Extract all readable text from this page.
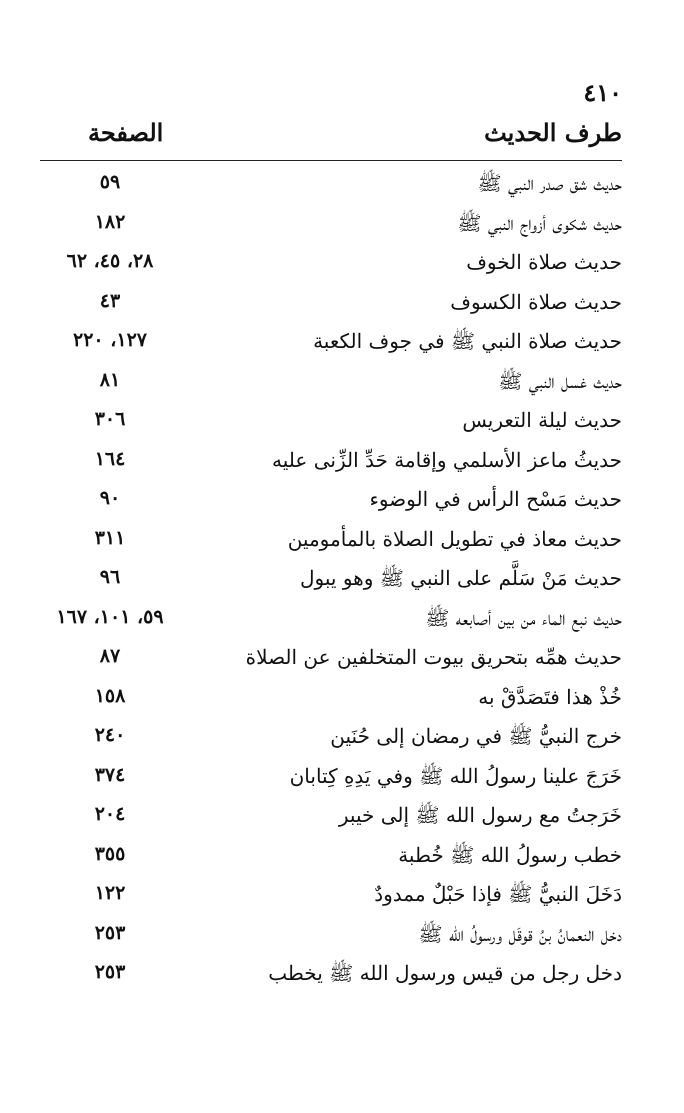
٤١٠
طرف الحديث
الصفحة
حديث شق صدر النبي ﷺ
٥٩
حديث شكوى أزواج النبي ﷺ
١٨٢
حديث صلاة الخوف
٢٨، ٤٥، ٦٢
حديث صلاة الكسوف
٤٣
حديث صلاة النبي ﷺ في جوف الكعبة
١٢٧، ٢٢٠
حديث غسل النبي ﷺ
٨١
حديث ليلة التعريس
٣٠٦
حديثُ ماعز الأسلمي وإقامة حَدِّ الزِّنى عليه
١٦٤
حديث مَسْح الرأس في الوضوء
٩٠
حديث معاذ في تطويل الصلاة بالمأمومين
٣١١
حديث مَنْ سَلَّم على النبي ﷺ وهو يبول
٩٦
حديث نبع الماء من بين أصابعه ﷺ
٥٩، ١٠١، ١٦٧
حديث همِّه بتحريق بيوت المتخلفين عن الصلاة
٨٧
خُذْ هذا فتَصَدَّقْ به
١٥٨
خرج النبيُّ ﷺ في رمضان إلى حُنَين
٢٤٠
خَرَجَ علينا رسولُ الله ﷺ وفي يَدِهِ كِتابان
٣٧٤
خَرَجتُ مع رسول الله ﷺ إلى خيبر
٢٠٤
خطب رسولُ الله ﷺ خُطبة
٣٥٥
دَخَلَ النبيُّ ﷺ فإذا حَبْلٌ ممدودٌ
١٢٢
دخل النعمانُ بنُ قوقَل ورسولُ الله ﷺ
٢٥٣
دخل رجل من قيس ورسول الله ﷺ يخطب
٢٥٣
